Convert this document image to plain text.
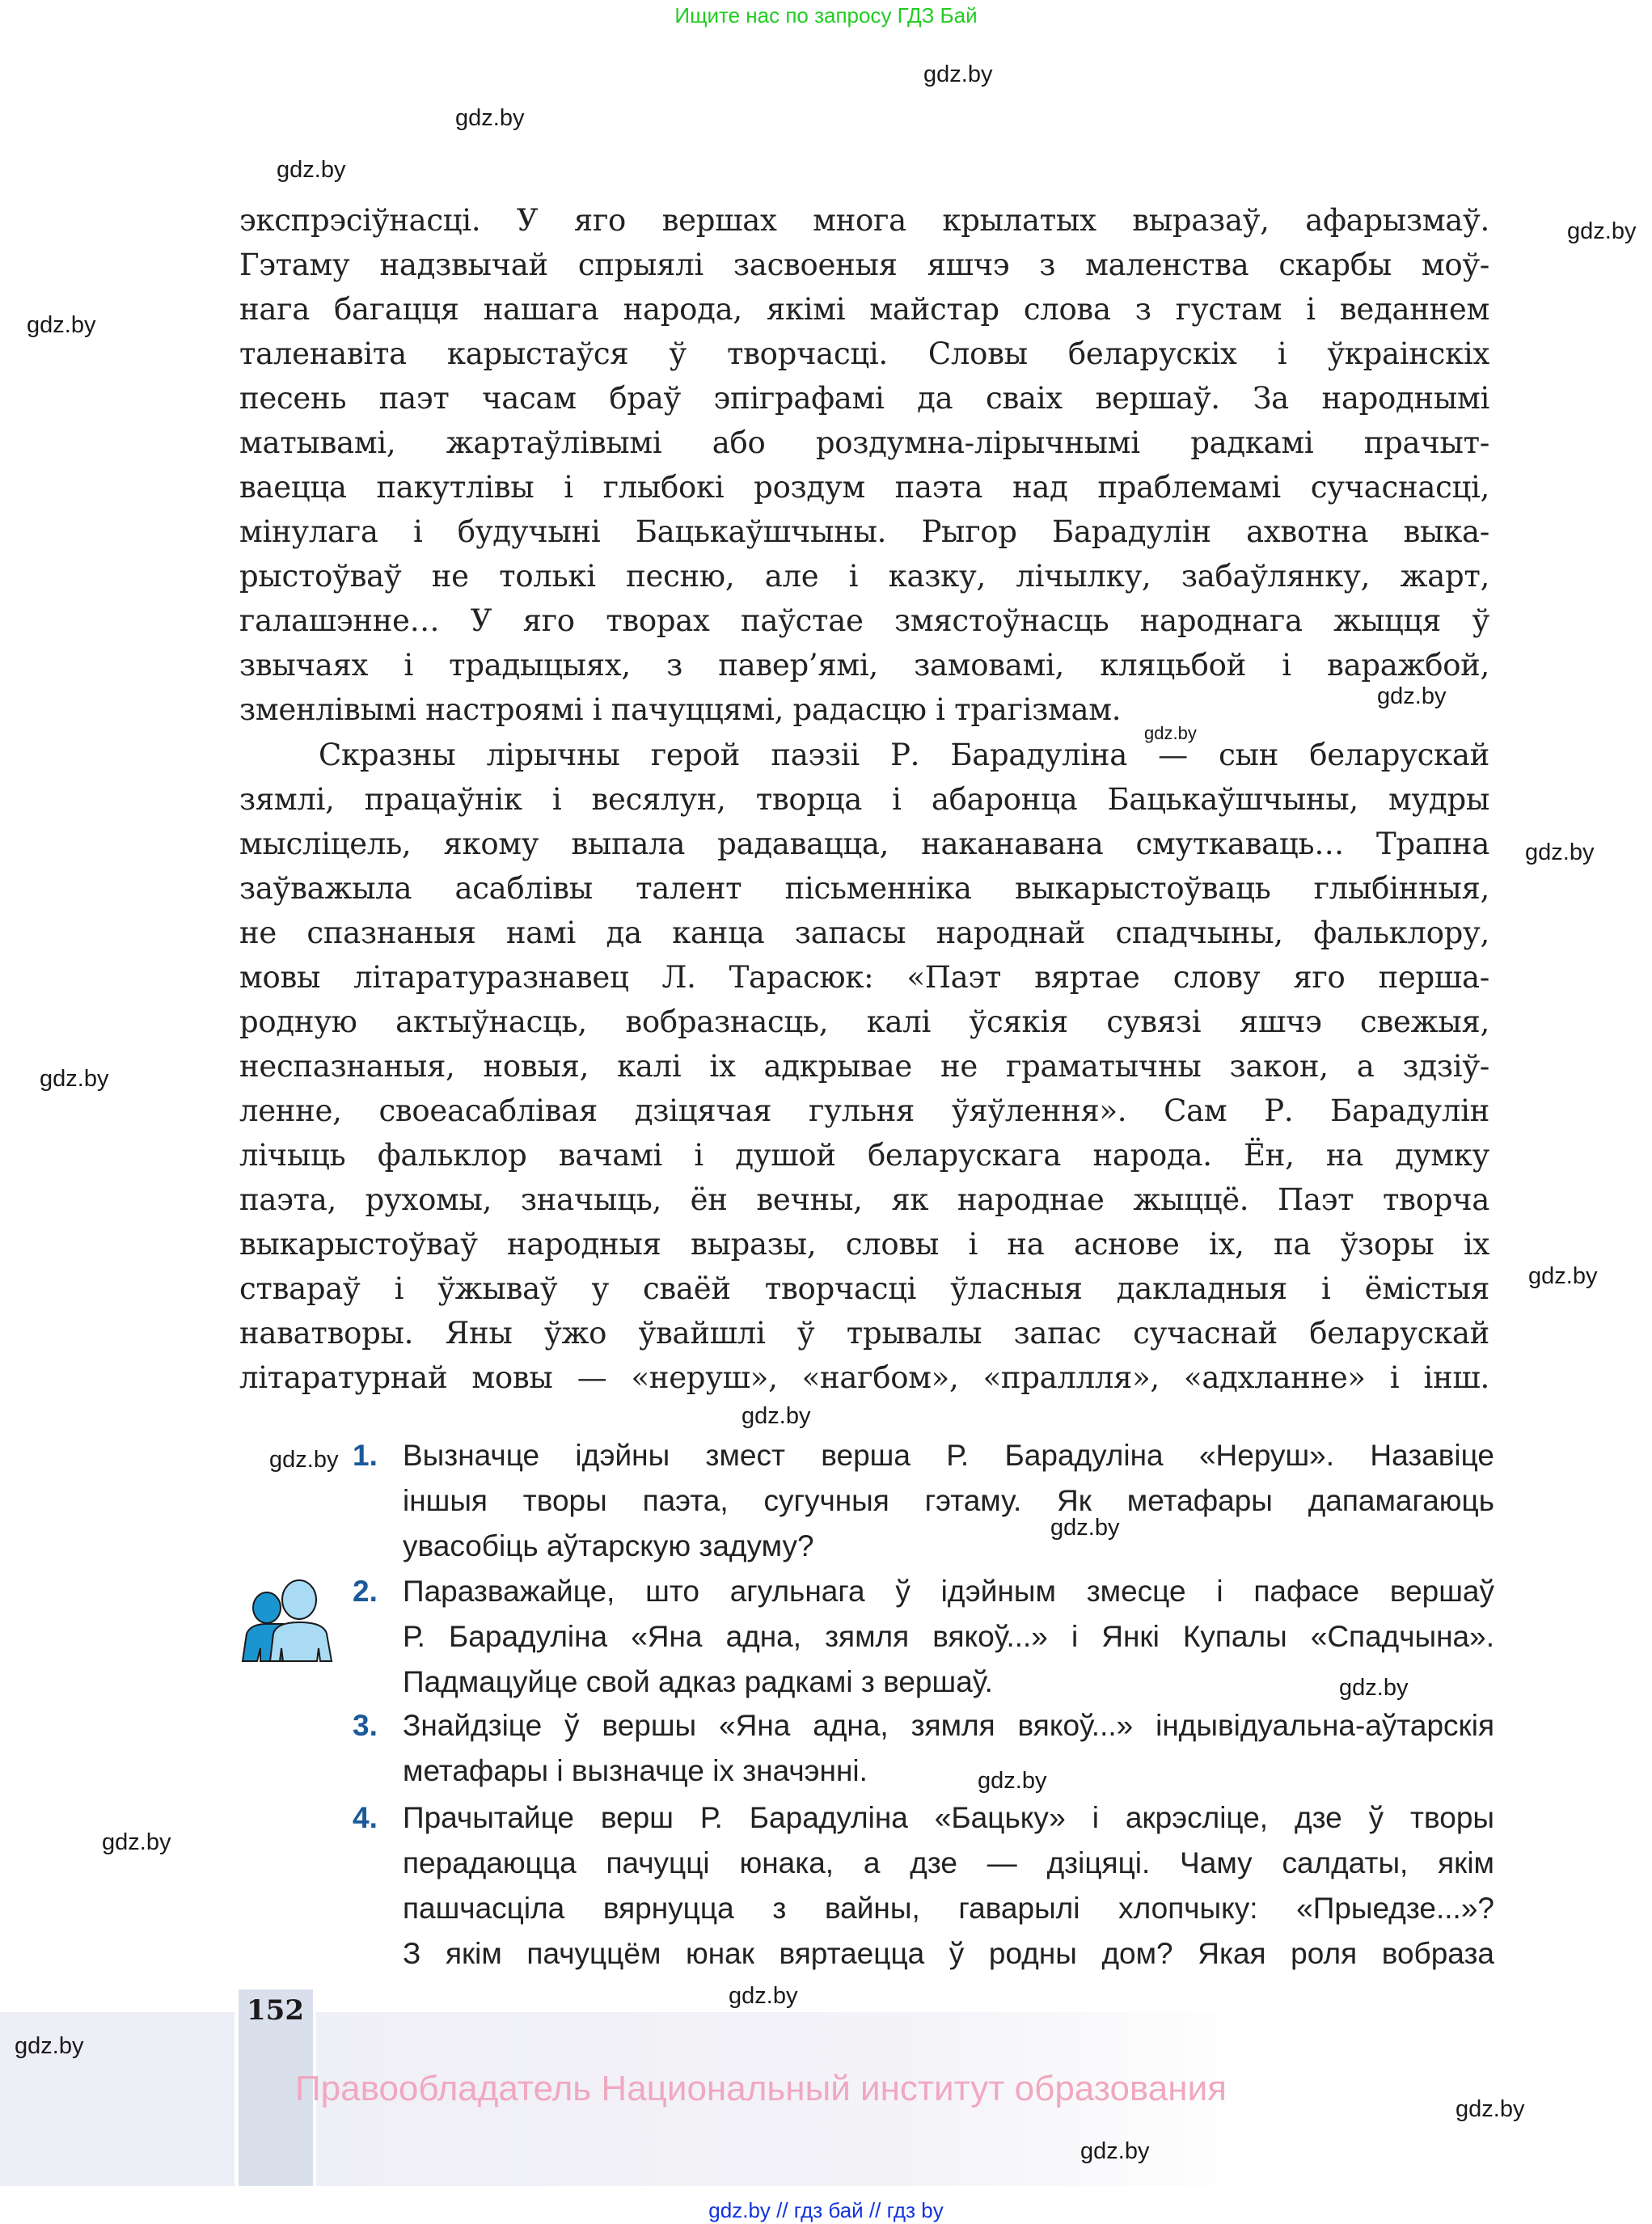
Ищите нас по запросу ГДЗ Бай
gdz.by
gdz.by
gdz.by
gdz.by
gdz.by
gdz.by
gdz.by
gdz.by
gdz.by
gdz.by
gdz.by
gdz.by
gdz.by
gdz.by
gdz.by
gdz.by
gdz.by
экспрэсіўнасці. У яго вершах многа крылатых выразаў, афарызмаў.
Гэтаму надзвычай спрыялі засвоеныя яшчэ з маленства скарбы моў-
нага багацця нашага народа, якімі майстар слова з густам і веданнем
таленавіта карыстаўся ў творчасці. Словы беларускіх і ўкраінскіх
песень паэт часам браў эпіграфамі да сваіх вершаў. За народнымі
матывамі, жартаўлівымі або роздумна-лірычнымі радкамі прачыт-
ваецца пакутлівы і глыбокі роздум паэта над праблемамі сучаснасці,
мінулага і будучыні Бацькаўшчыны. Рыгор Барадулін ахвотна выка-
рыстоўваў не толькі песню, але і казку, лічылку, забаўлянку, жарт,
галашэнне… У яго творах паўстае змястоўнасць народнага жыцця ў
звычаях і традыцыях, з павер’ямі, замовамі, кляцьбой і варажбой,
зменлівымі настроямі і пачуццямі, радасцю і трагізмам.
Скразны лірычны герой паэзіі Р. Барадуліна — сын беларускай
зямлі, працаўнік і весялун, творца і абаронца Бацькаўшчыны, мудры
мысліцель, якому выпала радавацца, наканавана смуткаваць… Трапна
заўважыла асаблівы талент пісьменніка выкарыстоўваць глыбінныя,
не спазнаныя намі да канца запасы народнай спадчыны, фальклору,
мовы літаратуразнавец Л. Тарасюк: «Паэт вяртае слову яго перша-
родную актыўнасць, вобразнасць, калі ўсякія сувязі яшчэ свежыя,
неспазнаныя, новыя, калі іх адкрывае не граматычны закон, а здзіў-
ленне, своеасаблівая дзіцячая гульня ўяўлення». Сам Р. Барадулін
лічыць фальклор вачамі і душой беларускага народа. Ён, на думку
паэта, рухомы, значыць, ён вечны, як народнае жыццё. Паэт творча
выкарыстоўваў народныя выразы, словы і на аснове іх, па ўзоры іх
ствараў і ўжываў у сваёй творчасці ўласныя дакладныя і ёмістыя
наватворы. Яны ўжо ўвайшлі ў трывалы запас сучаснай беларускай
літаратурнай мовы — «неруш», «нагбом», «праллля», «адхланне» і інш.
1. Вызначце ідэйны змест верша Р. Барадуліна «Неруш». Назавіце
іншыя творы паэта, сугучныя гэтаму. Як метафары дапамагаюць
увасобіць аўтарскую задуму?
2. Паразважайце, што агульнага ў ідэйным змесце і пафасе вершаў
Р. Барадуліна «Яна адна, зямля вякоў...» і Янкі Купалы «Спадчына».
Падмацуйце свой адказ радкамі з вершаў.
3. Знайдзіце ў вершы «Яна адна, зямля вякоў...» індывідуальна-аўтарскія
метафары і вызначце іх значэнні.
4. Прачытайце верш Р. Барадуліна «Бацьку» і акрэсліце, дзе ў творы
перадаюцца пачуцці юнака, а дзе — дзіцяці. Чаму салдаты, якім
пашчасціла вярнуцца з вайны, гаварылі хлопчыку: «Прыедзе...»?
З якім пачуццём юнак вяртаецца ў родны дом? Якая роля вобраза
152
Правообладатель Национальный институт образования
gdz.by
gdz.by
gdz.by
gdz.by // гдз бай // гдз by
